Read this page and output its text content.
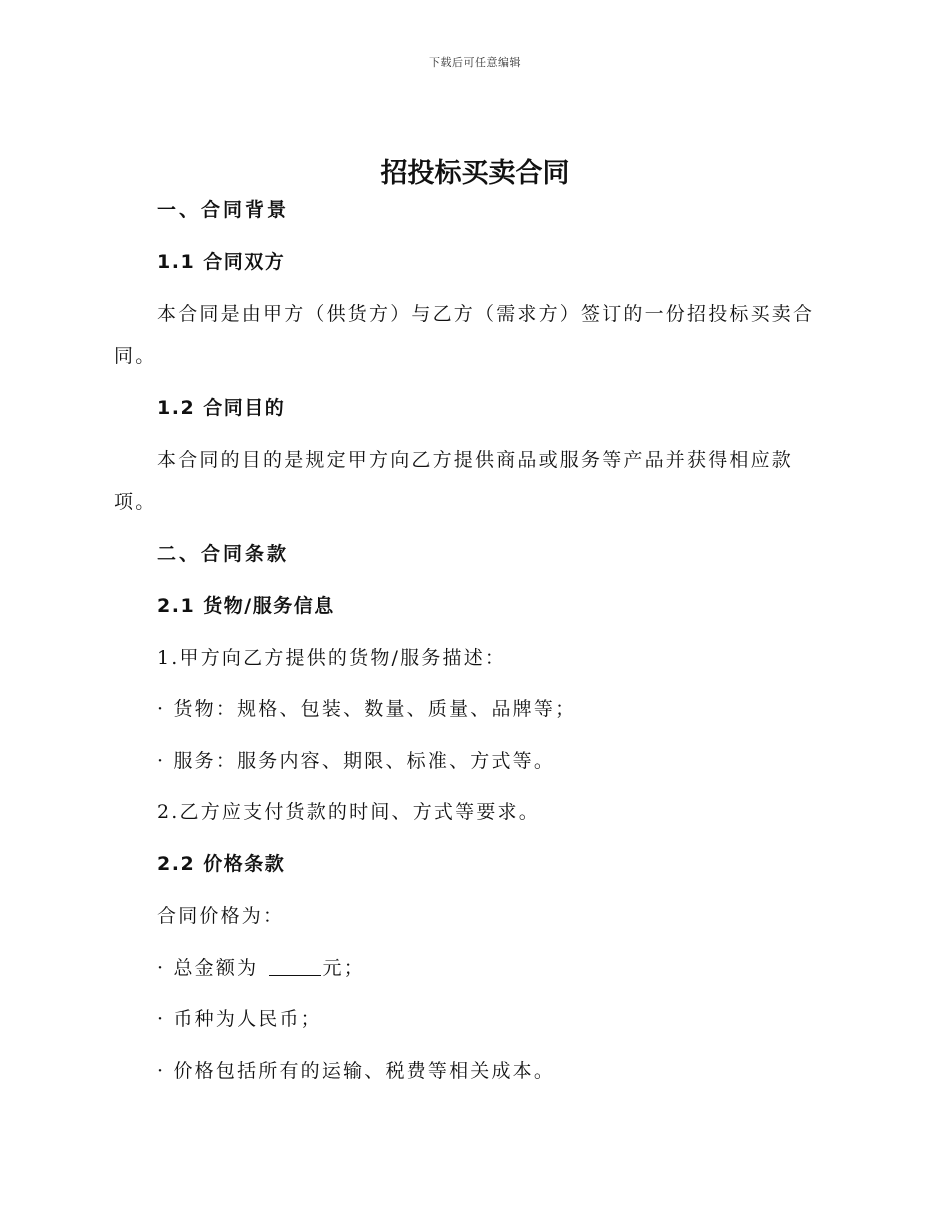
下载后可任意编辑
招投标买卖合同
一、合同背景
1.1 合同双方
本合同是由甲方（供货方）与乙方（需求方）签订的一份招投标买卖合
同。
1.2 合同目的
本合同的目的是规定甲方向乙方提供商品或服务等产品并获得相应款
项。
二、合同条款
2.1 货物/服务信息
1.甲方向乙方提供的货物/服务描述：
· 货物：规格、包装、数量、质量、品牌等；
· 服务：服务内容、期限、标准、方式等。
2.乙方应支付货款的时间、方式等要求。
2.2 价格条款
合同价格为：
· 总金额为	元；
· 币种为人民币；
· 价格包括所有的运输、税费等相关成本。
